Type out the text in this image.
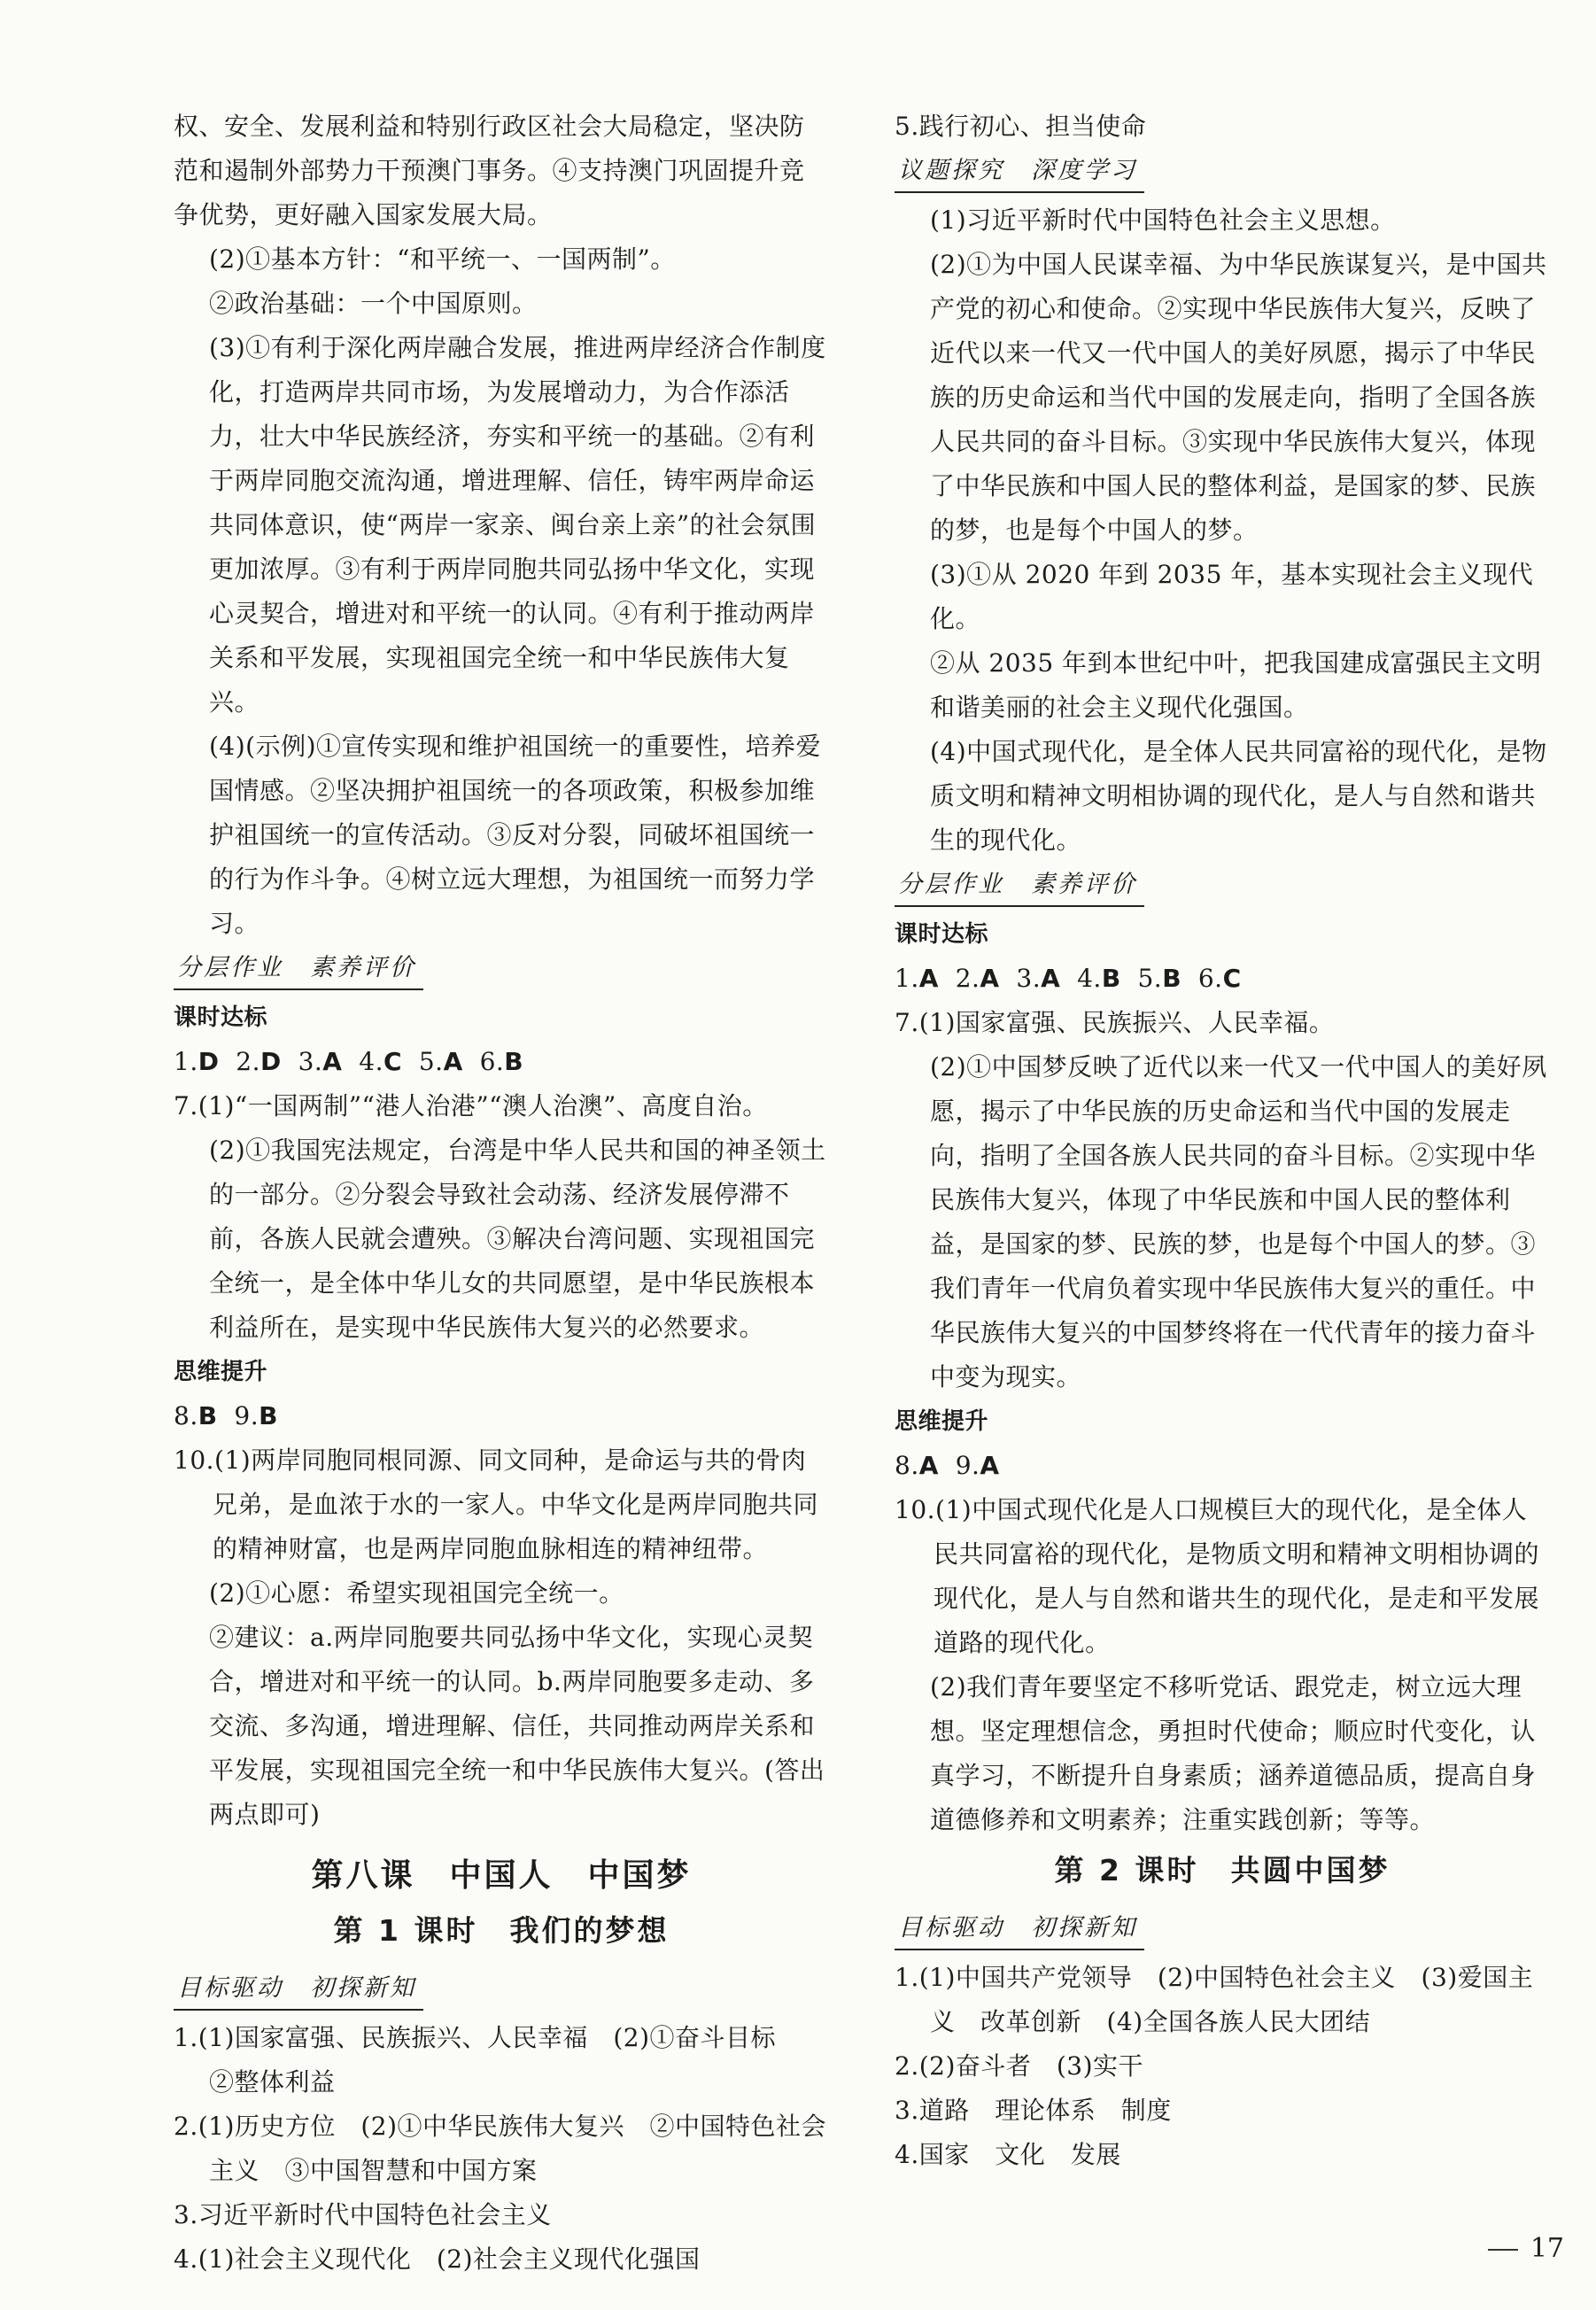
权、安全、发展利益和特别行政区社会大局稳定，坚决防范和遏制外部势力干预澳门事务。④支持澳门巩固提升竞争优势，更好融入国家发展大局。

(2)①基本方针：“和平统一、一国两制”。

②政治基础：一个中国原则。

(3)①有利于深化两岸融合发展，推进两岸经济合作制度化，打造两岸共同市场，为发展增动力，为合作添活力，壮大中华民族经济，夯实和平统一的基础。②有利于两岸同胞交流沟通，增进理解、信任，铸牢两岸命运共同体意识，使“两岸一家亲、闽台亲上亲”的社会氛围更加浓厚。③有利于两岸同胞共同弘扬中华文化，实现心灵契合，增进对和平统一的认同。④有利于推动两岸关系和平发展，实现祖国完全统一和中华民族伟大复兴。

(4)(示例)①宣传实现和维护祖国统一的重要性，培养爱国情感。②坚决拥护祖国统一的各项政策，积极参加维护祖国统一的宣传活动。③反对分裂，同破坏祖国统一的行为作斗争。④树立远大理想，为祖国统一而努力学习。

分层作业　素养评价
课时达标
1.D 2.D 3.A 4.C 5.A 6.B

7.(1)“一国两制”“港人治港”“澳人治澳”、高度自治。

(2)①我国宪法规定，台湾是中华人民共和国的神圣领土的一部分。②分裂会导致社会动荡、经济发展停滞不前，各族人民就会遭殃。③解决台湾问题、实现祖国完全统一，是全体中华儿女的共同愿望，是中华民族根本利益所在，是实现中华民族伟大复兴的必然要求。

思维提升
8.B 9.B

10.(1)两岸同胞同根同源、同文同种，是命运与共的骨肉兄弟，是血浓于水的一家人。中华文化是两岸同胞共同的精神财富，也是两岸同胞血脉相连的精神纽带。

(2)①心愿：希望实现祖国完全统一。

②建议：a.两岸同胞要共同弘扬中华文化，实现心灵契合，增进对和平统一的认同。b.两岸同胞要多走动、多交流、多沟通，增进理解、信任，共同推动两岸关系和平发展，实现祖国完全统一和中华民族伟大复兴。(答出两点即可)

第八课　中国人　中国梦
第 1 课时　我们的梦想
目标驱动　初探新知

1.(1)国家富强、民族振兴、人民幸福　(2)①奋斗目标

②整体利益

2.(1)历史方位　(2)①中华民族伟大复兴　②中国特色社会主义　③中国智慧和中国方案

3.习近平新时代中国特色社会主义

4.(1)社会主义现代化　(2)社会主义现代化强国

5.践行初心、担当使命

议题探究　深度学习

(1)习近平新时代中国特色社会主义思想。

(2)①为中国人民谋幸福、为中华民族谋复兴，是中国共产党的初心和使命。②实现中华民族伟大复兴，反映了近代以来一代又一代中国人的美好夙愿，揭示了中华民族的历史命运和当代中国的发展走向，指明了全国各族人民共同的奋斗目标。③实现中华民族伟大复兴，体现了中华民族和中国人民的整体利益，是国家的梦、民族的梦，也是每个中国人的梦。

(3)①从 2020 年到 2035 年，基本实现社会主义现代化。

②从 2035 年到本世纪中叶，把我国建成富强民主文明和谐美丽的社会主义现代化强国。

(4)中国式现代化，是全体人民共同富裕的现代化，是物质文明和精神文明相协调的现代化，是人与自然和谐共生的现代化。

分层作业　素养评价
课时达标
1.A 2.A 3.A 4.B 5.B 6.C

7.(1)国家富强、民族振兴、人民幸福。

(2)①中国梦反映了近代以来一代又一代中国人的美好夙愿，揭示了中华民族的历史命运和当代中国的发展走向，指明了全国各族人民共同的奋斗目标。②实现中华民族伟大复兴，体现了中华民族和中国人民的整体利益，是国家的梦、民族的梦，也是每个中国人的梦。③我们青年一代肩负着实现中华民族伟大复兴的重任。中华民族伟大复兴的中国梦终将在一代代青年的接力奋斗中变为现实。

思维提升
8.A 9.A

10.(1)中国式现代化是人口规模巨大的现代化，是全体人民共同富裕的现代化，是物质文明和精神文明相协调的现代化，是人与自然和谐共生的现代化，是走和平发展道路的现代化。

(2)我们青年要坚定不移听党话、跟党走，树立远大理想。坚定理想信念，勇担时代使命；顺应时代变化，认真学习，不断提升自身素质；涵养道德品质，提高自身道德修养和文明素养；注重实践创新；等等。

第 2 课时　共圆中国梦
目标驱动　初探新知

1.(1)中国共产党领导　(2)中国特色社会主义　(3)爱国主义　改革创新　(4)全国各族人民大团结

2.(2)奋斗者　(3)实干

3.道路　理论体系　制度

4.国家　文化　发展

17
